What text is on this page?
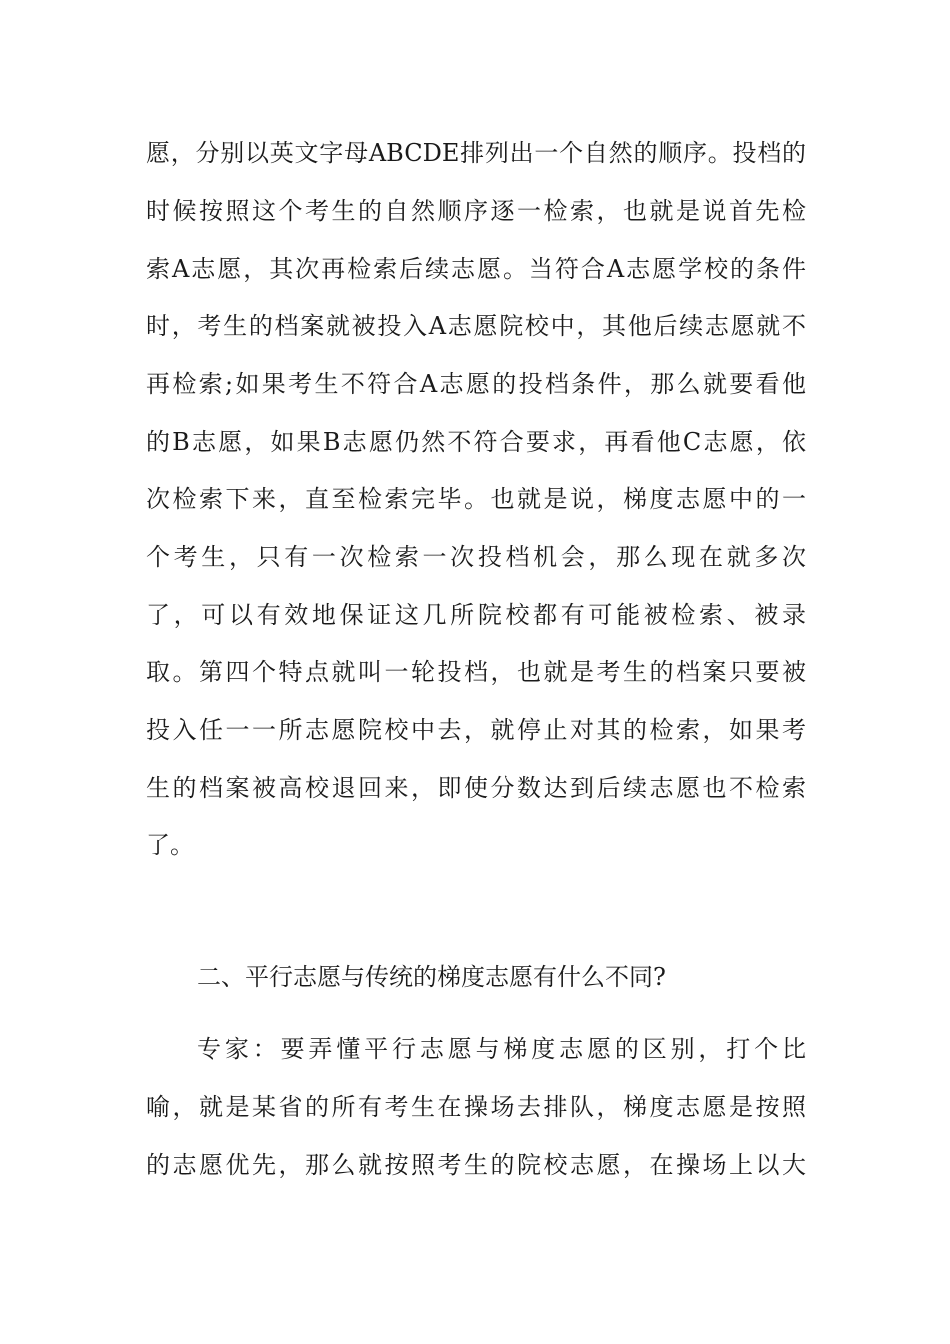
愿，分别以英文字母ABCDE排列出一个自然的顺序。投档的
时候按照这个考生的自然顺序逐一检索，也就是说首先检
索A志愿，其次再检索后续志愿。当符合A志愿学校的条件
时，考生的档案就被投入A志愿院校中，其他后续志愿就不
再检索;如果考生不符合A志愿的投档条件，那么就要看他
的B志愿，如果B志愿仍然不符合要求，再看他C志愿，依
次检索下来，直至检索完毕。也就是说，梯度志愿中的一
个考生，只有一次检索一次投档机会，那么现在就多次
了，可以有效地保证这几所院校都有可能被检索、被录
取。第四个特点就叫一轮投档，也就是考生的档案只要被
投入任一一所志愿院校中去，就停止对其的检索，如果考
生的档案被高校退回来，即使分数达到后续志愿也不检索
了。
二、平行志愿与传统的梯度志愿有什么不同?
专家：要弄懂平行志愿与梯度志愿的区别，打个比
喻，就是某省的所有考生在操场去排队，梯度志愿是按照
的志愿优先，那么就按照考生的院校志愿，在操场上以大
